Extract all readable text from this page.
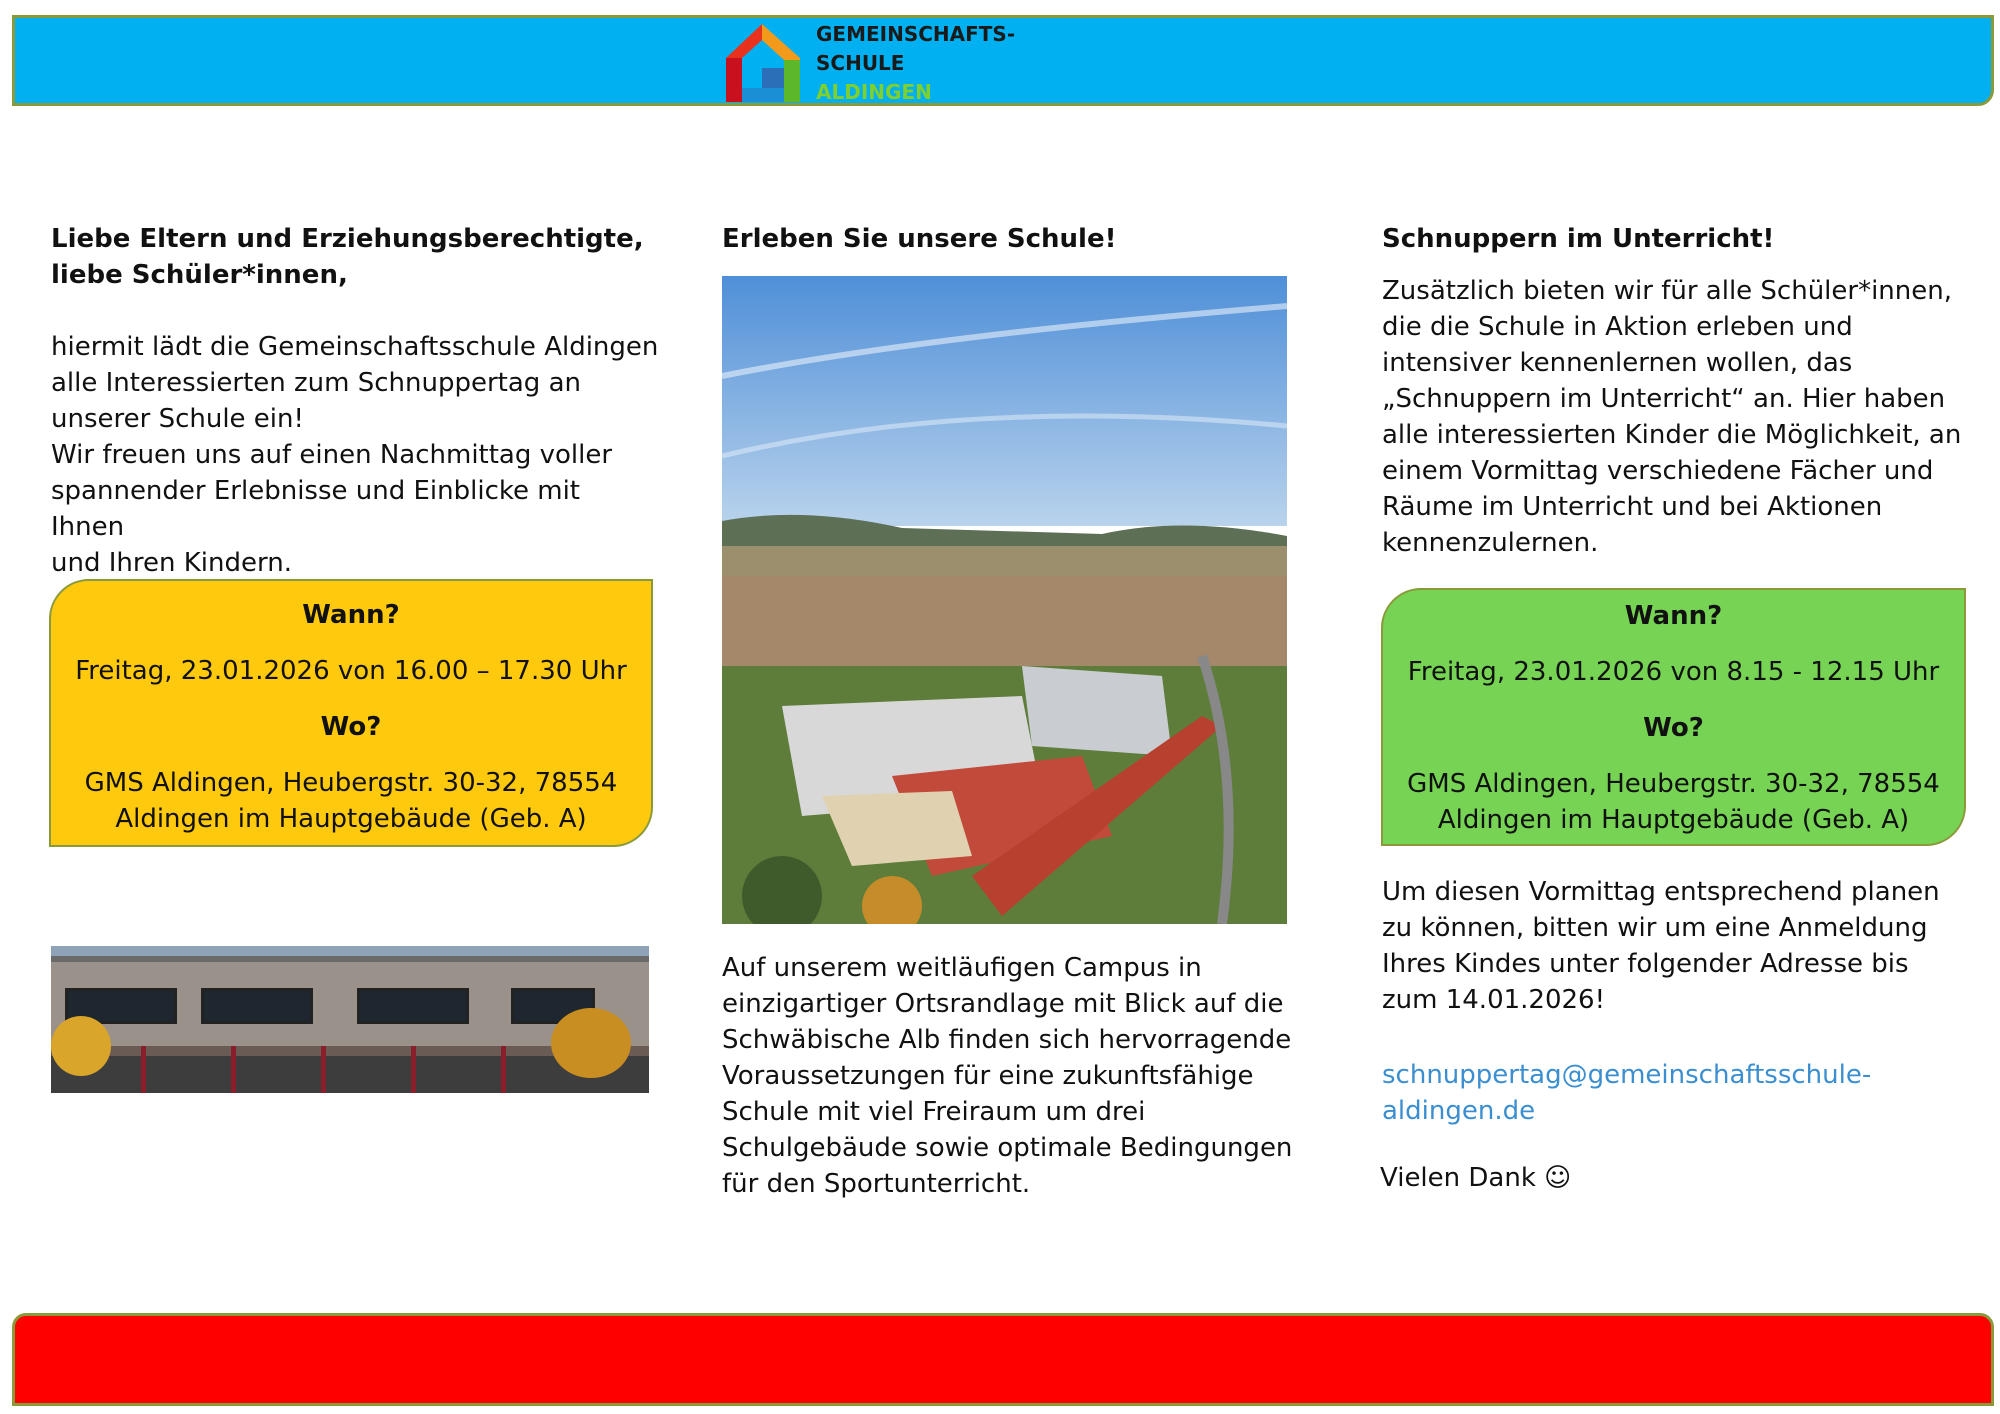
GEMEINSCHAFTS-
SCHULE
ALDINGEN
Liebe Eltern und Erziehungsberechtigte,
liebe Schüler*innen,
hiermit lädt die Gemeinschaftsschule Aldingen
alle Interessierten zum Schnuppertag an
unserer Schule ein!
Wir freuen uns auf einen Nachmittag voller
spannender Erlebnisse und Einblicke mit Ihnen
und Ihren Kindern.
Wann?
Freitag, 23.01.2026 von 16.00 – 17.30 Uhr
Wo?
GMS Aldingen, Heubergstr. 30-32, 78554
Aldingen im Hauptgebäude (Geb. A)
Erleben Sie unsere Schule!
Auf unserem weitläufigen Campus in einzigartiger Ortsrandlage mit Blick auf die Schwäbische Alb finden sich hervorragende Voraussetzungen für eine zukunftsfähige Schule mit viel Freiraum um drei Schulgebäude sowie optimale Bedingungen für den Sportunterricht.
Schnuppern im Unterricht!
Zusätzlich bieten wir für alle Schüler*innen, die die Schule in Aktion erleben und intensiver kennenlernen wollen, das „Schnuppern im Unterricht“ an. Hier haben alle interessierten Kinder die Möglichkeit, an einem Vormittag verschiedene Fächer und Räume im Unterricht und bei Aktionen kennenzulernen.
Wann?
Freitag, 23.01.2026 von 8.15 - 12.15 Uhr
Wo?
GMS Aldingen, Heubergstr. 30-32, 78554
Aldingen im Hauptgebäude (Geb. A)
Um diesen Vormittag entsprechend planen zu können, bitten wir um eine Anmeldung Ihres Kindes unter folgender Adresse bis zum 14.01.2026!
schnuppertag@gemeinschaftsschule-
aldingen.de
Vielen Dank ☺
